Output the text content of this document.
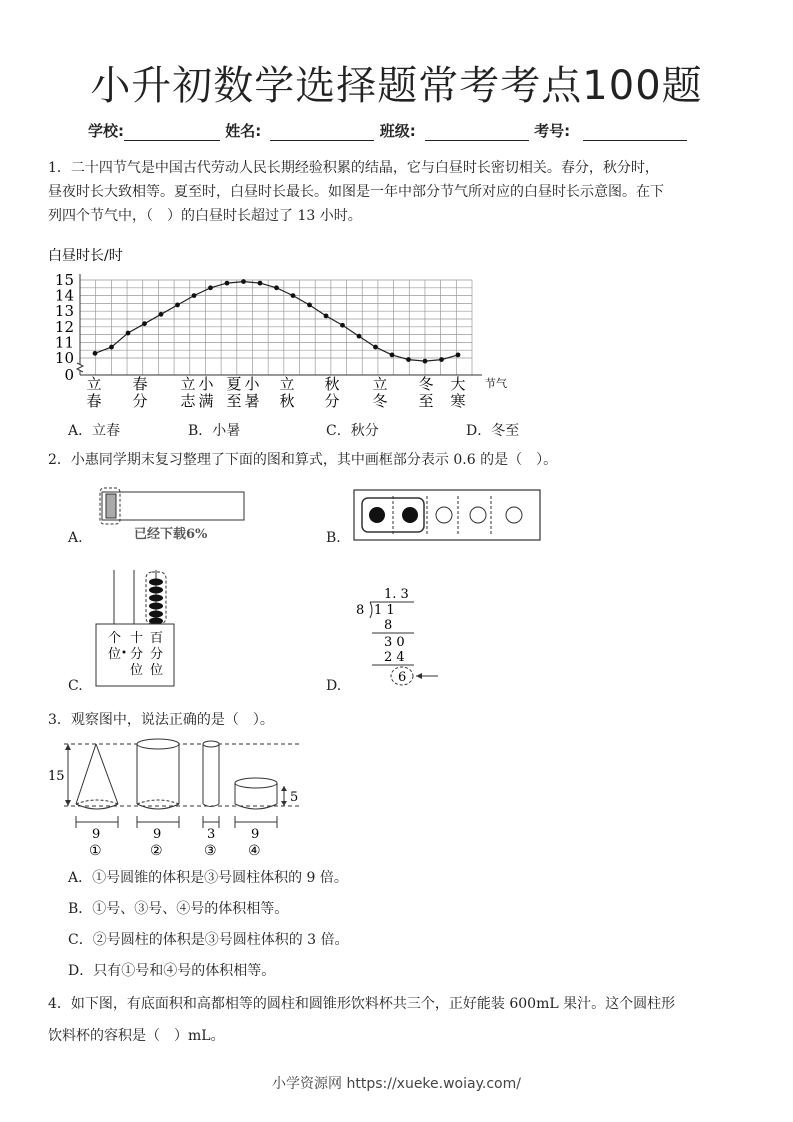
小升初数学选择题常考考点100题
学校:	姓名:	班级:	考号:
1．二十四节气是中国古代劳动人民长期经验积累的结晶，它与白昼时长密切相关。春分，秋分时，
昼夜时长大致相等。夏至时，白昼时长最长。如图是一年中部分节气所对应的白昼时长示意图。在下
列四个节气中，（　）的白昼时长超过了 13 小时。
白昼时长/时
0
10
11
12
13
14
15
立
春
春
分
立
志
小
满
夏
至
小
暑
立
秋
秋
分
立
冬
冬
至
大
寒
节气
A．立春	B．小暑	C．秋分	D．冬至
2．小惠同学期末复习整理了下面的图和算式，其中画框部分表示 0.6 的是（　）。
A.	已经下载6%	B.
C.
个
位
十
分
位
百
分
位
D.
1. 3
8 1 1
8
3 0
2 4
6
3．观察图中，说法正确的是（　）。
15
5
9	9	3	9
①	②	③ ④
A．①号圆锥的体积是③号圆柱体积的 9 倍。
B．①号、③号、④号的体积相等。
C．②号圆柱的体积是③号圆柱体积的 3 倍。
D．只有①号和④号的体积相等。
4．如下图，有底面积和高都相等的圆柱和圆锥形饮料杯共三个，正好能装 600mL 果汁。这个圆柱形
饮料杯的容积是（　）mL。
小学资源网 https://xueke.woiay.com/
